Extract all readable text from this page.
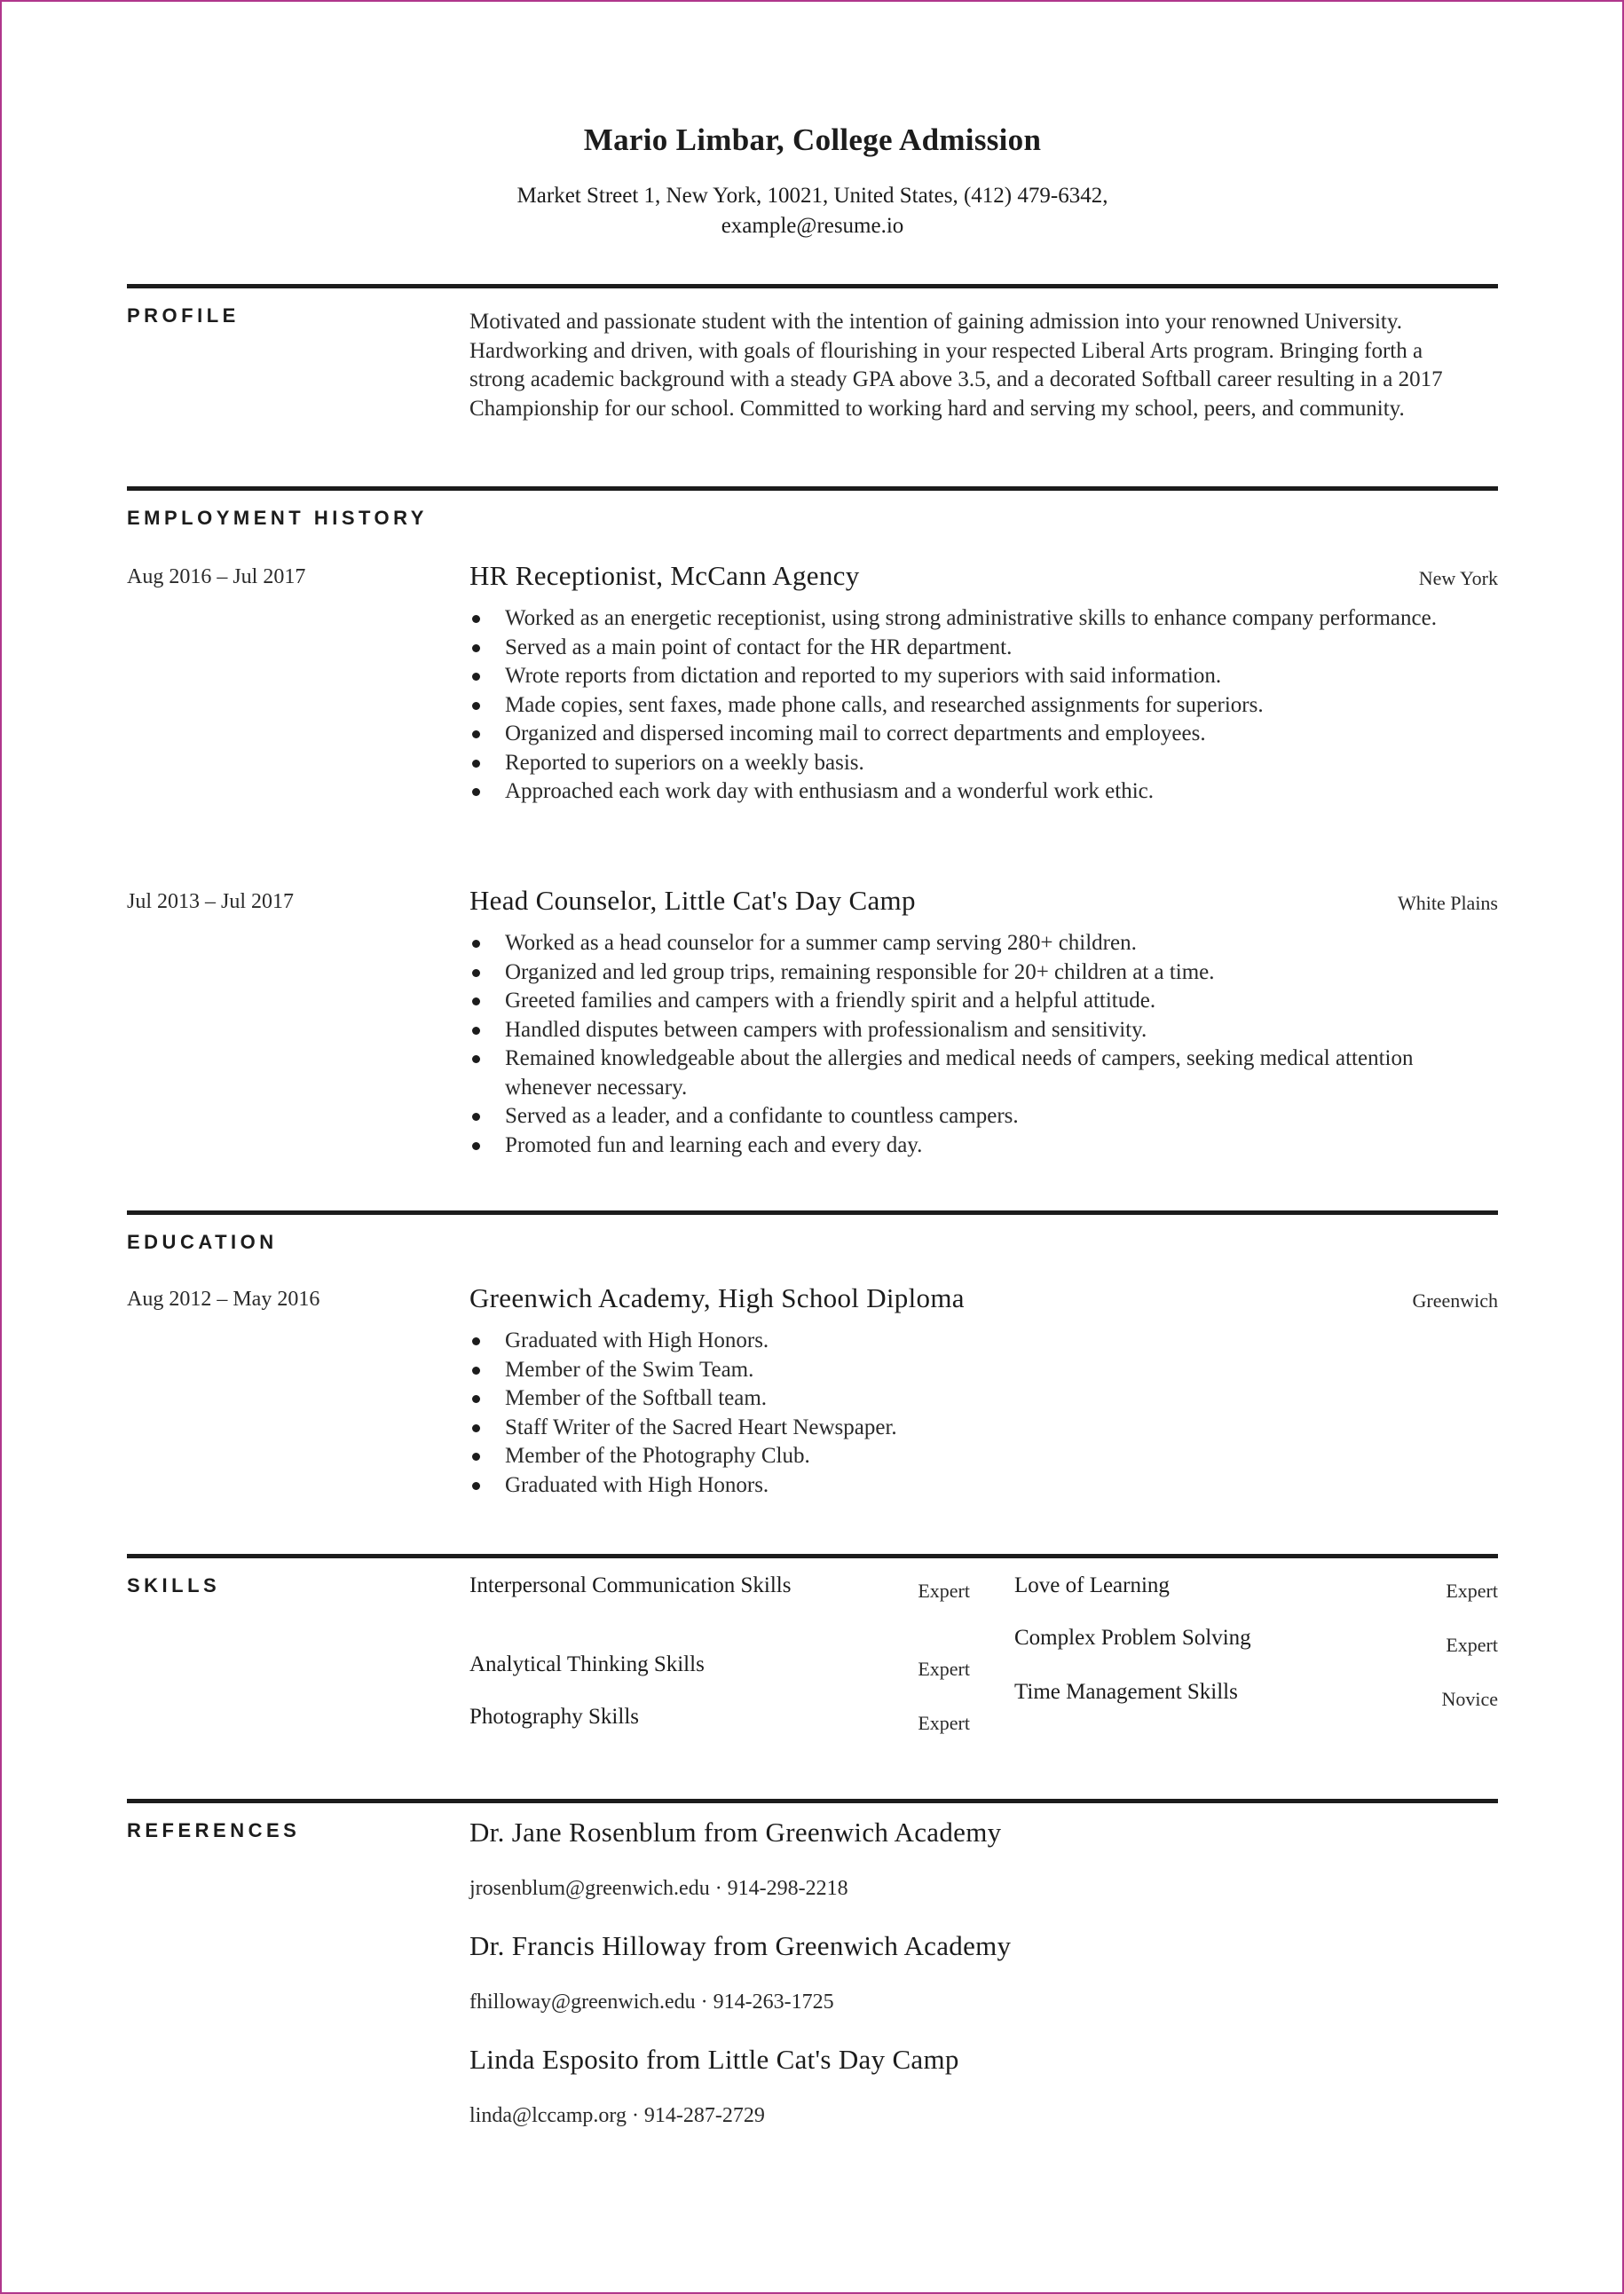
Mario Limbar, College Admission
Market Street 1, New York, 10021, United States, (412) 479-6342,
example@resume.io
PROFILE	Motivated and passionate student with the intention of gaining admission into your renowned University. Hardworking and driven, with goals of flourishing in your respected Liberal Arts program. Bringing forth a strong academic background with a steady GPA above 3.5, and a decorated Softball career resulting in a 2017 Championship for our school. Committed to working hard and serving my school, peers, and community.
EMPLOYMENT HISTORY
Aug 2016 – Jul 2017	HR Receptionist, McCann Agency	New York
Worked as an energetic receptionist, using strong administrative skills to enhance company performance.
Served as a main point of contact for the HR department.
Wrote reports from dictation and reported to my superiors with said information.
Made copies, sent faxes, made phone calls, and researched assignments for superiors.
Organized and dispersed incoming mail to correct departments and employees.
Reported to superiors on a weekly basis.
Approached each work day with enthusiasm and a wonderful work ethic.
Jul 2013 – Jul 2017	Head Counselor, Little Cat's Day Camp	White Plains
Worked as a head counselor for a summer camp serving 280+ children.
Organized and led group trips, remaining responsible for 20+ children at a time.
Greeted families and campers with a friendly spirit and a helpful attitude.
Handled disputes between campers with professionalism and sensitivity.
Remained knowledgeable about the allergies and medical needs of campers, seeking medical attention whenever necessary.
Served as a leader, and a confidante to countless campers.
Promoted fun and learning each and every day.
EDUCATION
Aug 2012 – May 2016	Greenwich Academy, High School Diploma	Greenwich
Graduated with High Honors.
Member of the Swim Team.
Member of the Softball team.
Staff Writer of the Sacred Heart Newspaper.
Member of the Photography Club.
Graduated with High Honors.
SKILLS	Interpersonal Communication Skills	Expert
Analytical Thinking Skills	Expert
Photography Skills	Expert
Love of Learning	Expert
Complex Problem Solving	Expert
Time Management Skills	Novice
REFERENCES	Dr. Jane Rosenblum from Greenwich Academy
jrosenblum@greenwich.edu · 914-298-2218
Dr. Francis Hilloway from Greenwich Academy
fhilloway@greenwich.edu · 914-263-1725
Linda Esposito from Little Cat's Day Camp
linda@lccamp.org · 914-287-2729
